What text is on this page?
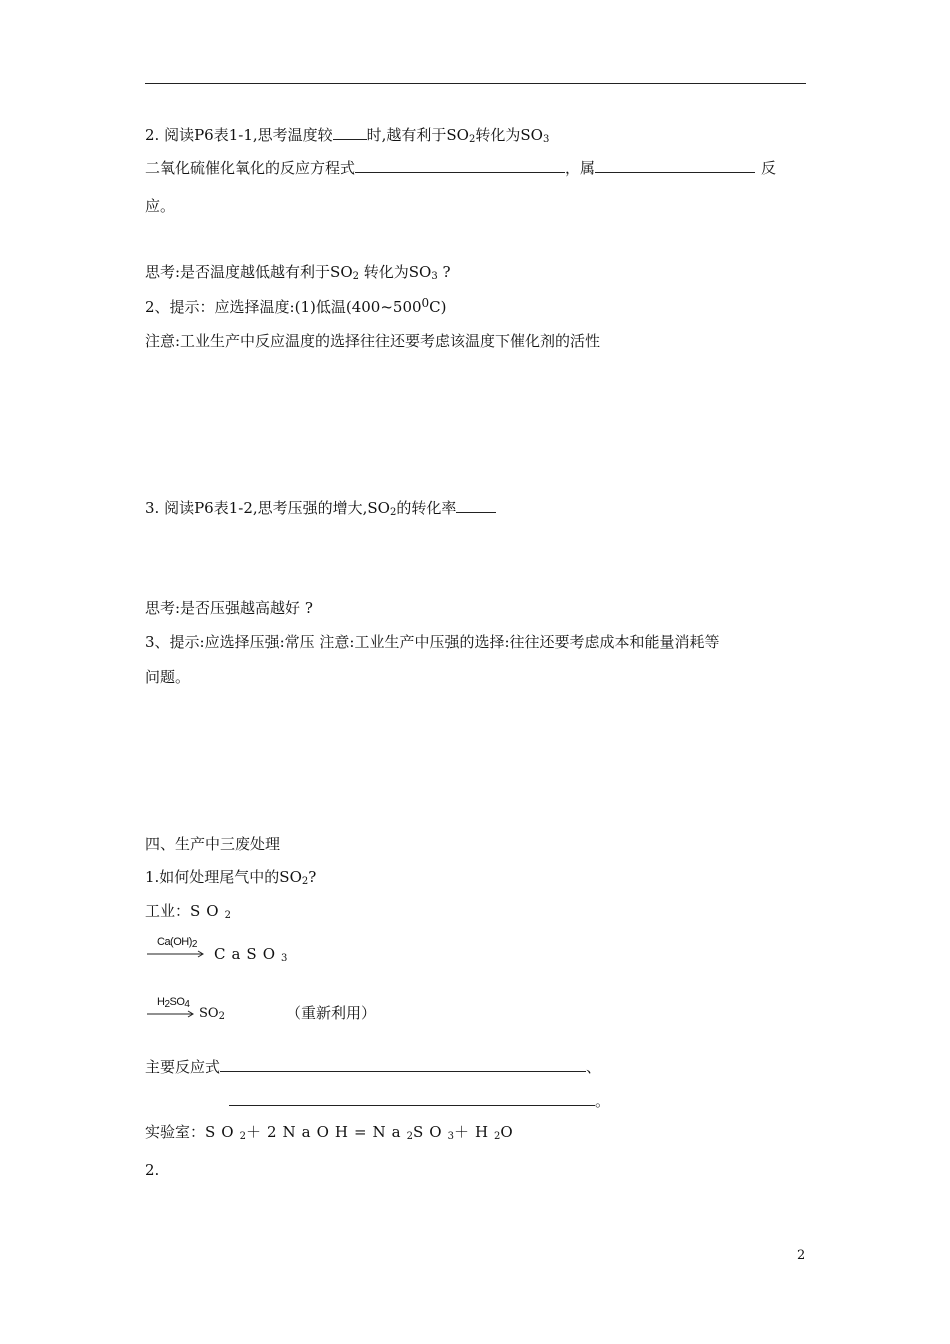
2. 阅读P6表1-1,思考温度较 时,越有利于$SO_2$转化为$SO_3$
二氧化硫催化氧化的反应方程式	，属	反
应。
思考:是否温度越低越有利于$SO_2$ 转化为$SO_3$ ?
2、提示：应选择温度:(1)低温$(400\sim 500^0C)$
注意:工业生产中反应温度的选择往往还要考虑该温度下催化剂的活性
3. 阅读P6表1-2,思考压强的增大$,SO_2$的转化率
思考:是否压强越高越好 ?
3、提示:应选择压强:常压 注意:工业生产中压强的选择:往往还要考虑成本和能量消耗等
问题。
四、生产中三废处理
1.如何处理尾气中的$SO_2$?
工业：$SO_2$
$Ca(OH)_2$
CaSO$_3$
$H_2SO_4$
$SO_2$	（重新利用）
主要反应式	、
。
实验室：$SO_2+2NaOH=Na_2SO_3+H_2O$
2.
2
